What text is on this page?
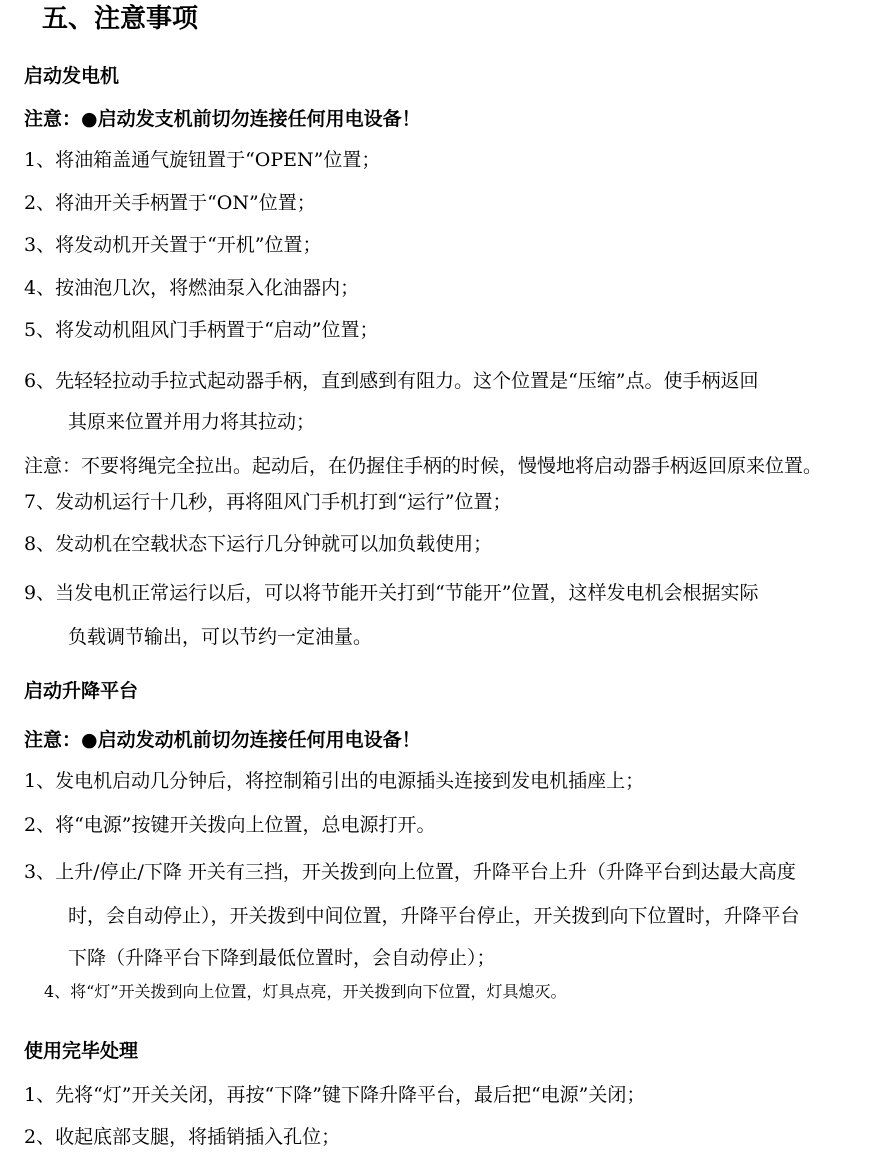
五、注意事项
启动发电机
注意：●启动发支机前切勿连接任何用电设备！
1、将油箱盖通气旋钮置于“OPEN”位置；
2、将油开关手柄置于“ON”位置；
3、将发动机开关置于“开机”位置；
4、按油泡几次，将燃油泵入化油器内；
5、将发动机阻风门手柄置于“启动”位置；
6、先轻轻拉动手拉式起动器手柄，直到感到有阻力。这个位置是“压缩”点。使手柄返回
其原来位置并用力将其拉动；
注意：不要将绳完全拉出。起动后，在仍握住手柄的时候，慢慢地将启动器手柄返回原来位置。
7、发动机运行十几秒，再将阻风门手机打到“运行”位置；
8、发动机在空载状态下运行几分钟就可以加负载使用；
9、当发电机正常运行以后，可以将节能开关打到“节能开”位置，这样发电机会根据实际
负载调节输出，可以节约一定油量。
启动升降平台
注意：●启动发动机前切勿连接任何用电设备！
1、发电机启动几分钟后，将控制箱引出的电源插头连接到发电机插座上；
2、将“电源”按键开关拨向上位置，总电源打开。
3、上升/停止/下降 开关有三挡，开关拨到向上位置，升降平台上升（升降平台到达最大高度
时，会自动停止），开关拨到中间位置，升降平台停止，开关拨到向下位置时，升降平台
下降（升降平台下降到最低位置时，会自动停止）；
4、将“灯”开关拨到向上位置，灯具点亮，开关拨到向下位置，灯具熄灭。
使用完毕处理
1、先将“灯”开关关闭，再按“下降”键下降升降平台，最后把“电源”关闭；
2、收起底部支腿，将插销插入孔位；
